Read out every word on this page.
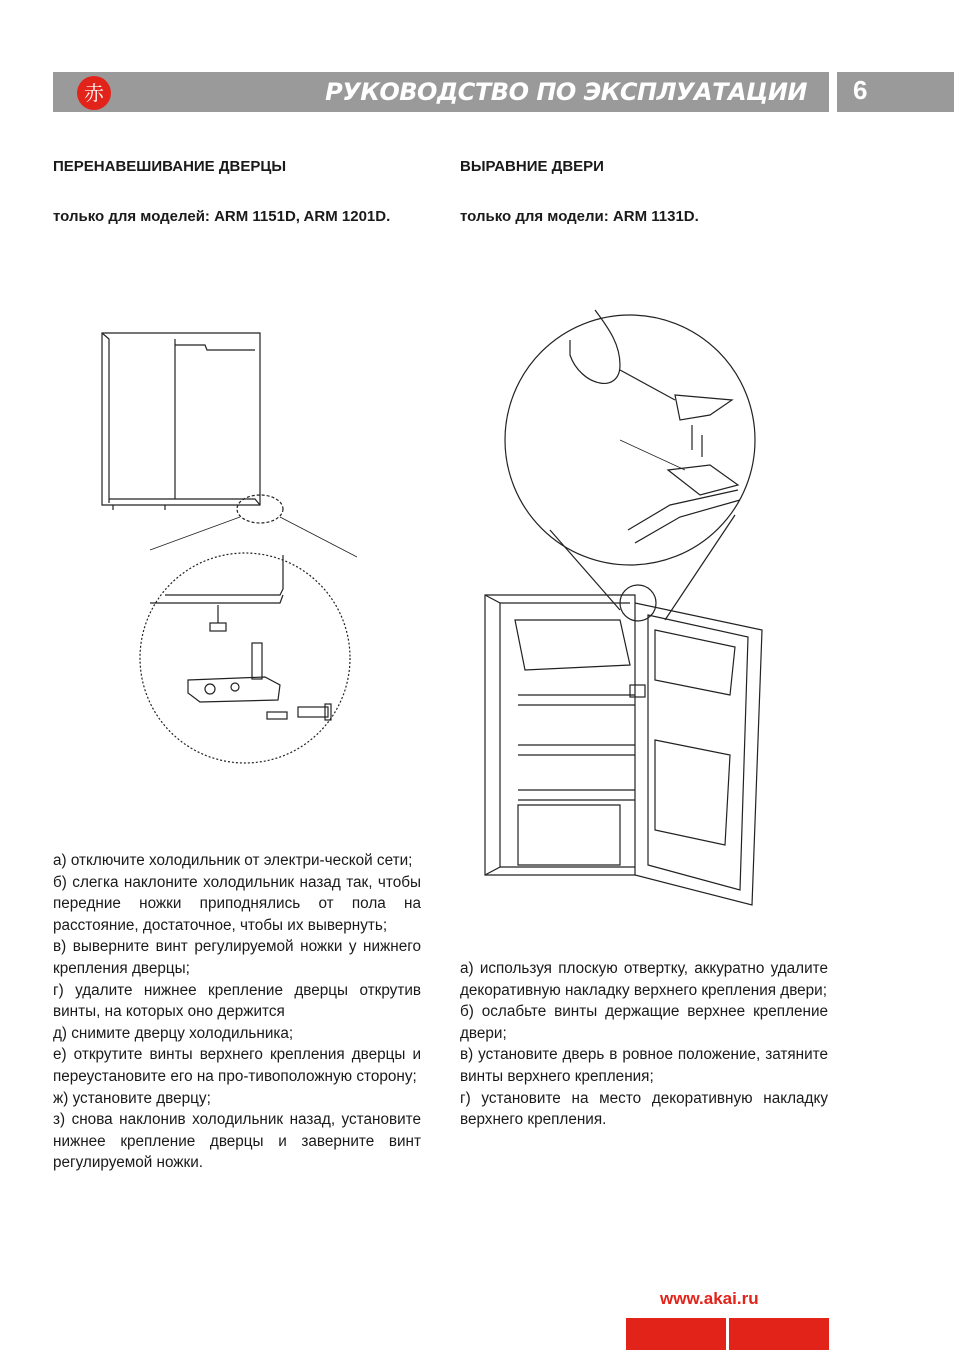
РУКОВОДСТВО ПО ЭКСПЛУАТАЦИИ
赤	6
ПЕРЕНАВЕШИВАНИЕ ДВЕРЦЫ
только для моделей: ARM 1151D, ARM 1201D.

а) отключите холодильник от электри-ческой сети;

б) слегка наклоните холодильник назад так, чтобы передние ножки приподнялись от пола на расстояние, достаточное, чтобы их вывернуть;

в) выверните винт регулируемой ножки у нижнего крепления дверцы;

г) удалите нижнее крепление дверцы открутив винты, на которых оно держится

д) снимите дверцу холодильника;

е) открутите винты верхнего крепления дверцы и переустановите его на про-тивоположную сторону;

ж) установите дверцу;

з) снова наклонив холодильник назад, установите нижнее крепление дверцы и заверните винт регулируемой ножки.

ВЫРАВНИЕ ДВЕРИ
только для модели: ARM 1131D.

а) используя плоскую отвертку, аккуратно удалите декоративную накладку верхнего крепления двери;

б) ослабьте винты держащие верхнее крепление двери;

в) установите дверь в ровное положение, затяните винты верхнего крепления;

г) установите на место декоративную накладку верхнего крепления.

www.akai.ru
